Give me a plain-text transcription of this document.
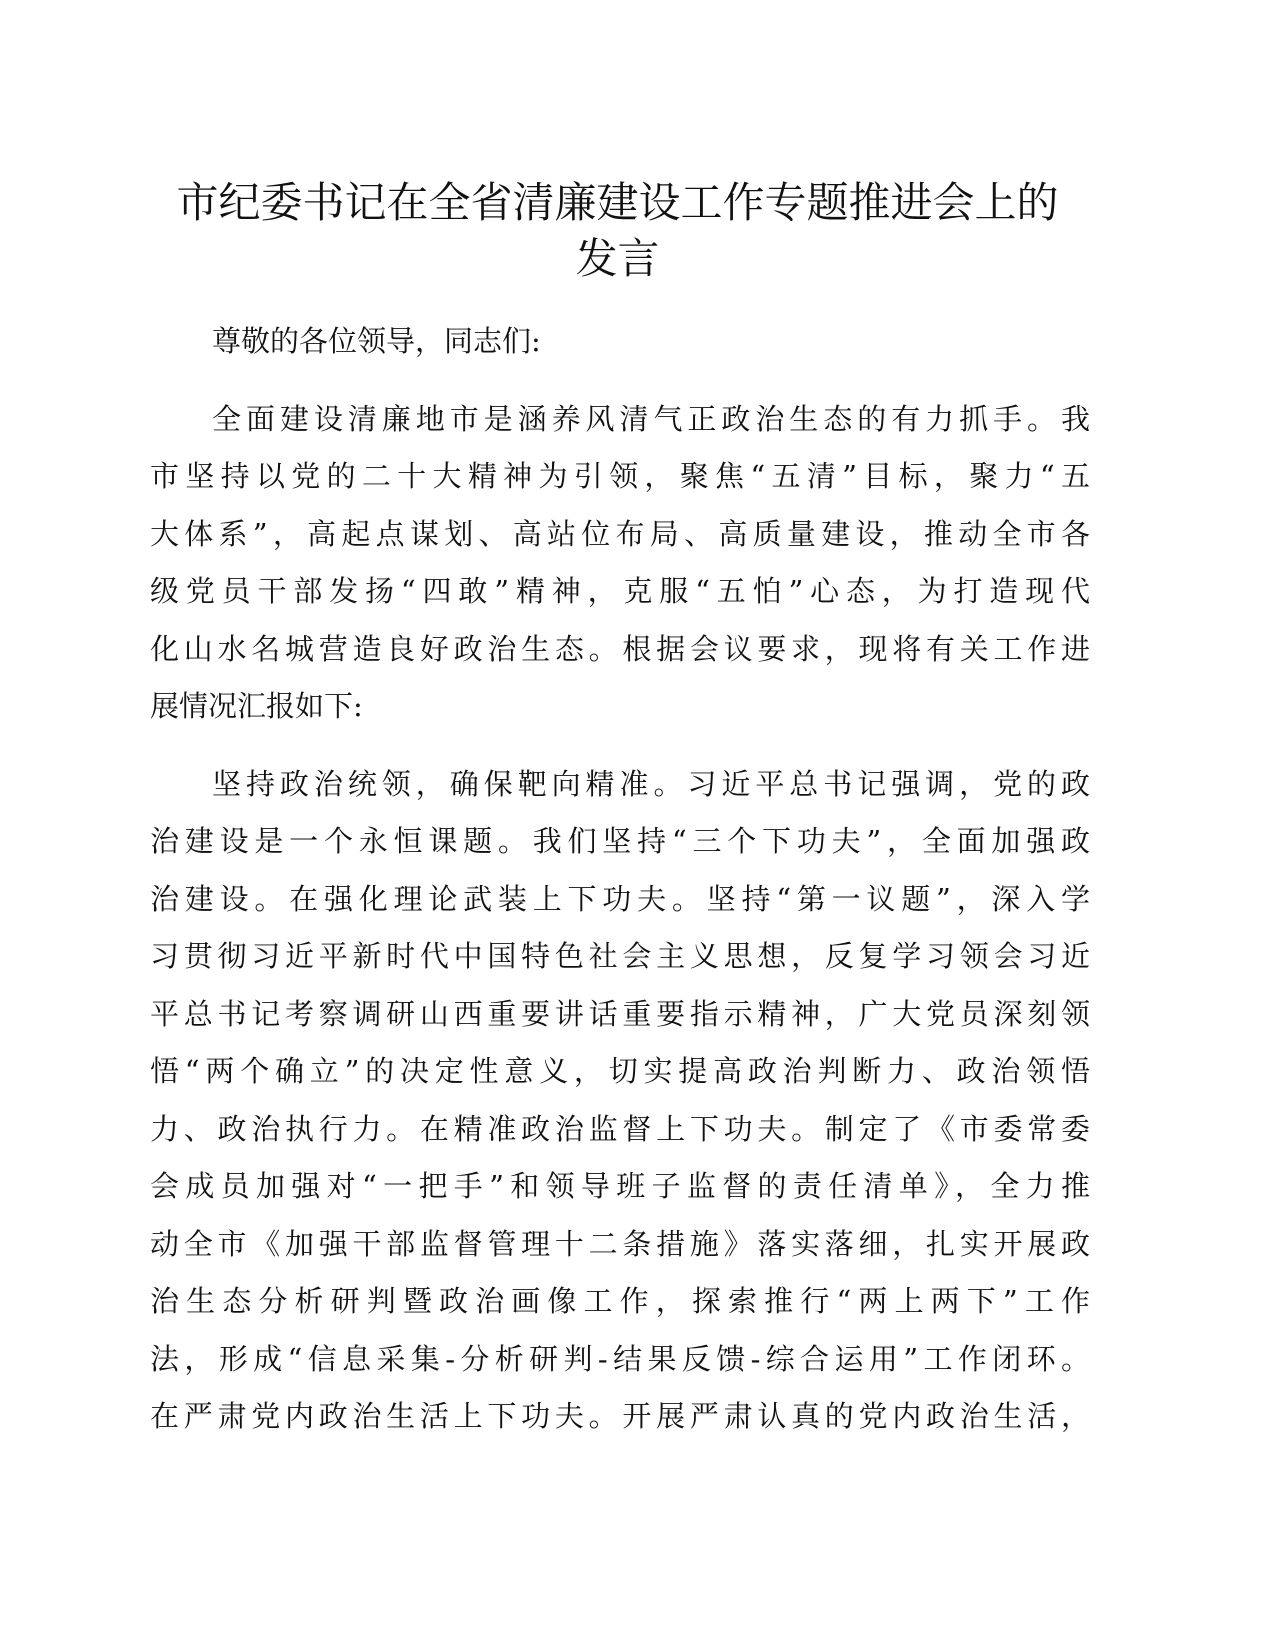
市纪委书记在全省清廉建设工作专题推进会上的
发言
尊敬的各位领导，同志们:
全面建设清廉地市是涵养风清气正政治生态的有力抓手。我
市坚持以党的二十大精神为引领，聚焦“五清”目标，聚力“五
大体系”，高起点谋划、高站位布局、高质量建设，推动全市各
级党员干部发扬“四敢”精神，克服“五怕”心态，为打造现代
化山水名城营造良好政治生态。根据会议要求，现将有关工作进
展情况汇报如下:
坚持政治统领，确保靶向精准。习近平总书记强调，党的政
治建设是一个永恒课题。我们坚持“三个下功夫”，全面加强政
治建设。在强化理论武装上下功夫。坚持“第一议题”，深入学
习贯彻习近平新时代中国特色社会主义思想，反复学习领会习近
平总书记考察调研山西重要讲话重要指示精神，广大党员深刻领
悟“两个确立”的决定性意义，切实提高政治判断力、政治领悟
力、政治执行力。在精准政治监督上下功夫。制定了《市委常委
会成员加强对“一把手”和领导班子监督的责任清单》，全力推
动全市《加强干部监督管理十二条措施》落实落细，扎实开展政
治生态分析研判暨政治画像工作，探索推行“两上两下”工作
法，形成“信息采集-分析研判-结果反馈-综合运用”工作闭环。
在严肃党内政治生活上下功夫。开展严肃认真的党内政治生活，
